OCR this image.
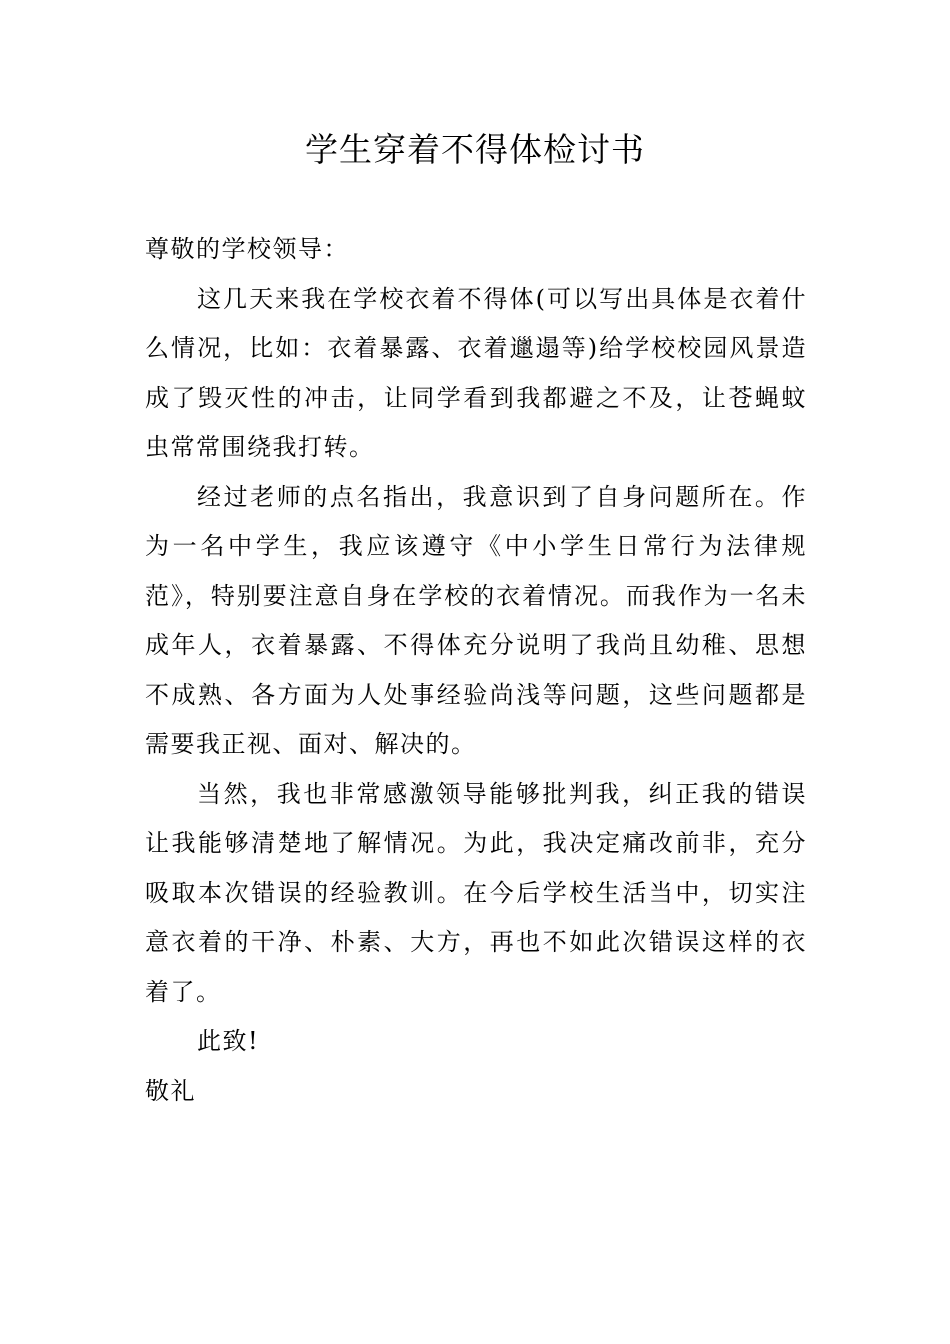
学生穿着不得体检讨书

尊敬的学校领导：

这几天来我在学校衣着不得体(可以写出具体是衣着什么情况，比如：衣着暴露、衣着邋遢等)给学校校园风景造成了毁灭性的冲击，让同学看到我都避之不及，让苍蝇蚊虫常常围绕我打转。

经过老师的点名指出，我意识到了自身问题所在。作为一名中学生，我应该遵守《中小学生日常行为法律规范》，特别要注意自身在学校的衣着情况。而我作为一名未成年人，衣着暴露、不得体充分说明了我尚且幼稚、思想不成熟、各方面为人处事经验尚浅等问题，这些问题都是需要我正视、面对、解决的。

当然，我也非常感激领导能够批判我，纠正我的错误让我能够清楚地了解情况。为此，我决定痛改前非，充分吸取本次错误的经验教训。在今后学校生活当中，切实注意衣着的干净、朴素、大方，再也不如此次错误这样的衣着了。

此致!

敬礼
